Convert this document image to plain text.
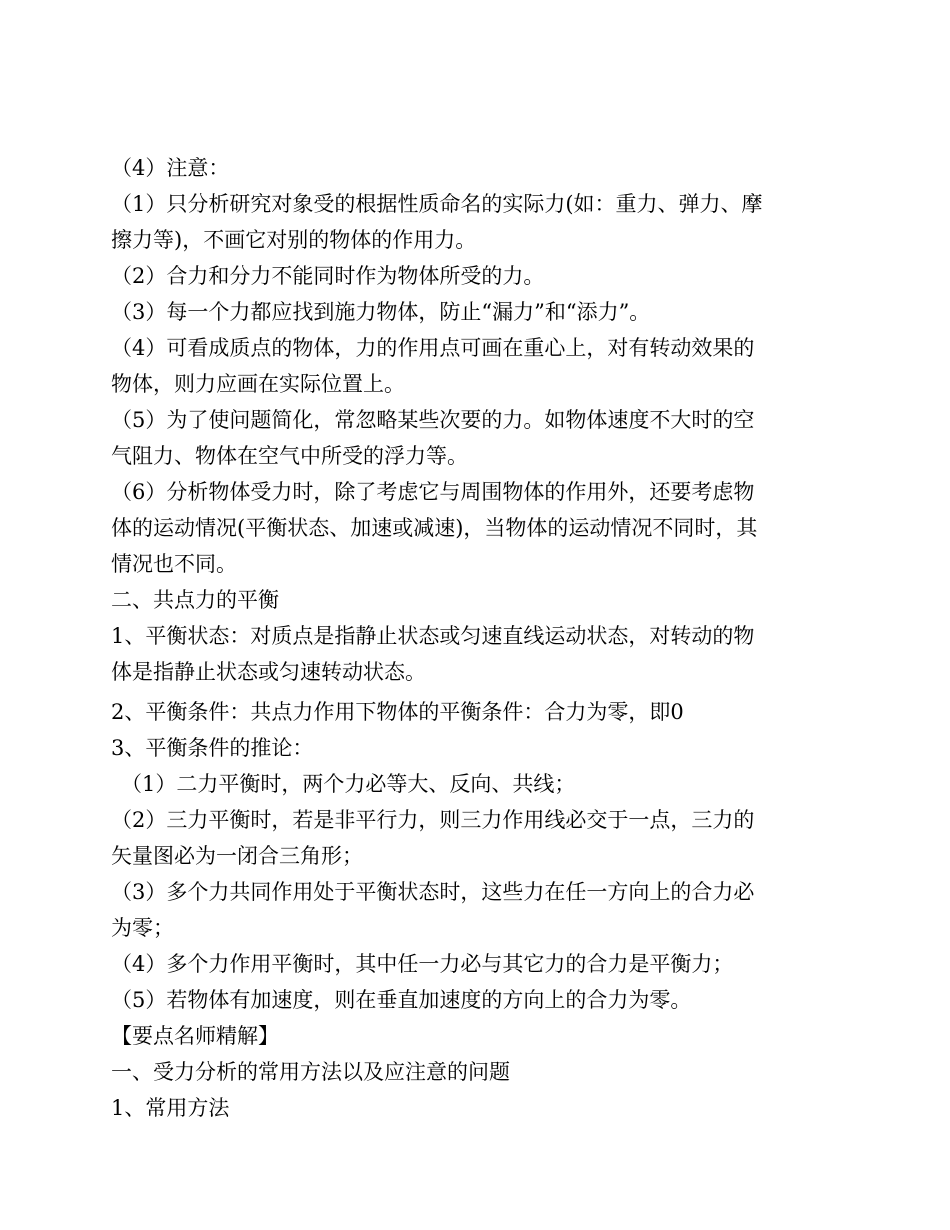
（4）注意：
（1）只分析研究对象受的根据性质命名的实际力(如：重力、弹力、摩
擦力等)，不画它对别的物体的作用力。
（2）合力和分力不能同时作为物体所受的力。
（3）每一个力都应找到施力物体，防止“漏力”和“添力”。
（4）可看成质点的物体，力的作用点可画在重心上，对有转动效果的
物体，则力应画在实际位置上。
（5）为了使问题简化，常忽略某些次要的力。如物体速度不大时的空
气阻力、物体在空气中所受的浮力等。
（6）分析物体受力时，除了考虑它与周围物体的作用外，还要考虑物
体的运动情况(平衡状态、加速或减速)，当物体的运动情况不同时，其
情况也不同。
二、共点力的平衡
1、平衡状态：对质点是指静止状态或匀速直线运动状态，对转动的物
体是指静止状态或匀速转动状态。
2、平衡条件：共点力作用下物体的平衡条件：合力为零，即0
3、平衡条件的推论：
（1）二力平衡时，两个力必等大、反向、共线；
（2）三力平衡时，若是非平行力，则三力作用线必交于一点，三力的
矢量图必为一闭合三角形；
（3）多个力共同作用处于平衡状态时，这些力在任一方向上的合力必
为零；
（4）多个力作用平衡时，其中任一力必与其它力的合力是平衡力；
（5）若物体有加速度，则在垂直加速度的方向上的合力为零。
【要点名师精解】
一、受力分析的常用方法以及应注意的问题
1、常用方法
